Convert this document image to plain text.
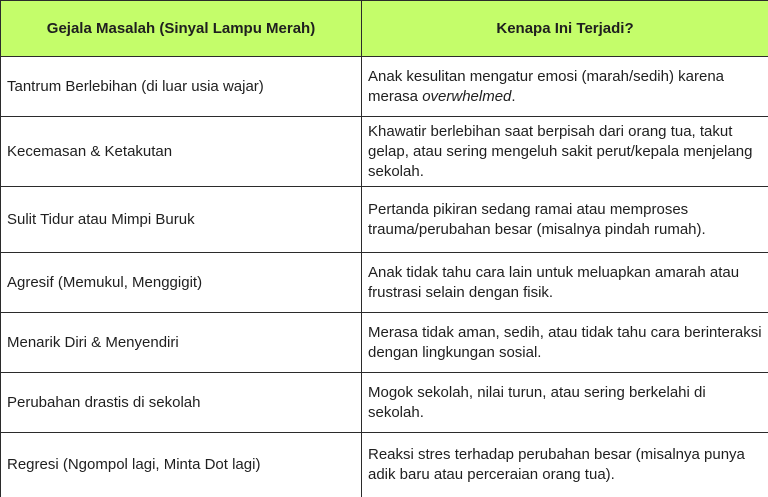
Gejala Masalah (Sinyal Lampu Merah)	Kenapa Ini Terjadi?
Tantrum Berlebihan (di luar usia wajar)	Anak kesulitan mengatur emosi (marah/sedih) karena merasa overwhelmed.
Kecemasan & Ketakutan	Khawatir berlebihan saat berpisah dari orang tua, takut gelap, atau sering mengeluh sakit perut/kepala menjelang sekolah.
Sulit Tidur atau Mimpi Buruk	Pertanda pikiran sedang ramai atau memproses trauma/perubahan besar (misalnya pindah rumah).
Agresif (Memukul, Menggigit)	Anak tidak tahu cara lain untuk meluapkan amarah atau frustrasi selain dengan fisik.
Menarik Diri & Menyendiri	Merasa tidak aman, sedih, atau tidak tahu cara berinteraksi dengan lingkungan sosial.
Perubahan drastis di sekolah	Mogok sekolah, nilai turun, atau sering berkelahi di sekolah.
Regresi (Ngompol lagi, Minta Dot lagi)	Reaksi stres terhadap perubahan besar (misalnya punya adik baru atau perceraian orang tua).
